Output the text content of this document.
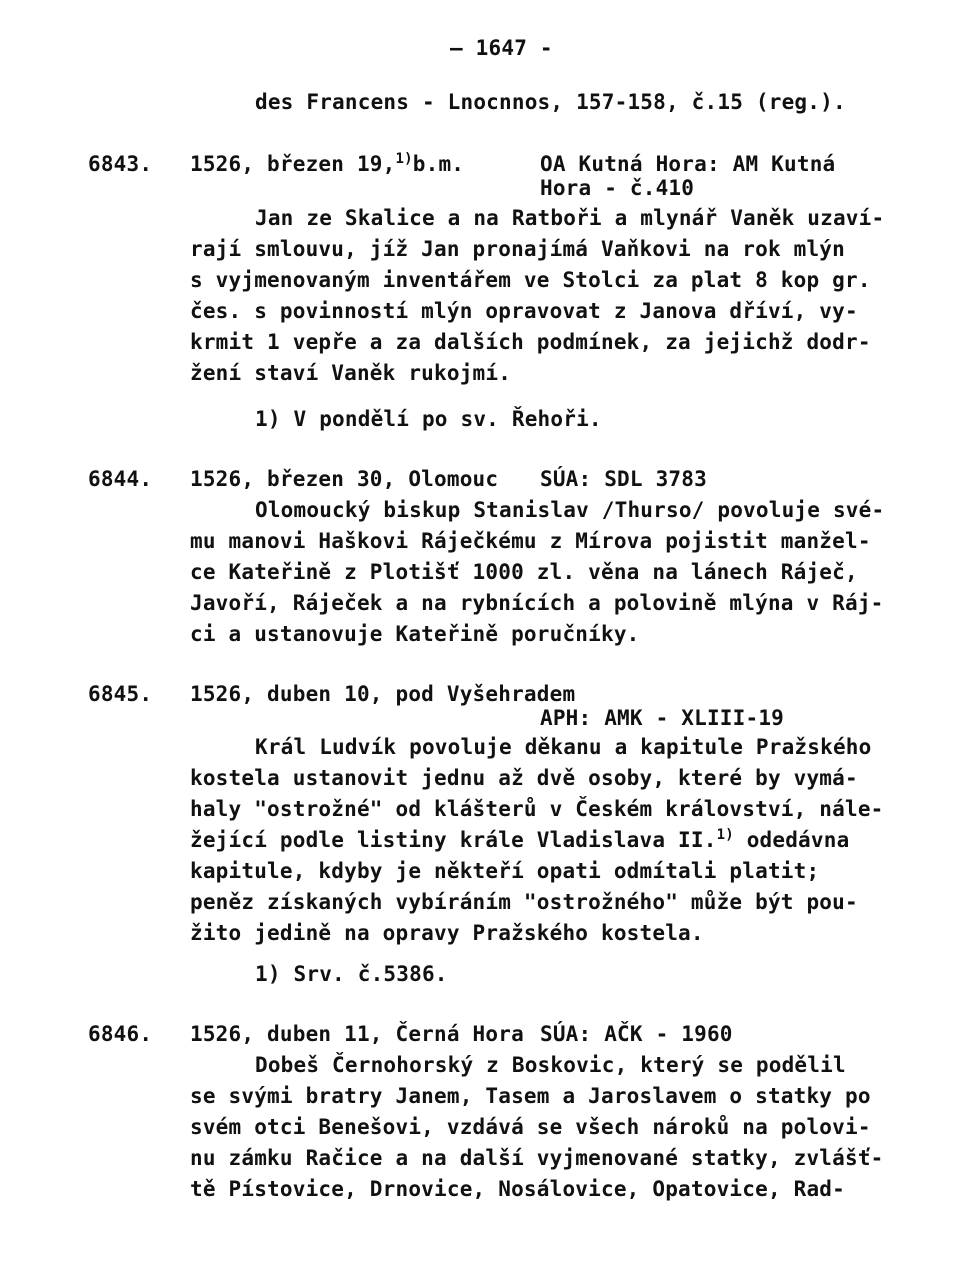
— 1647 -
des Francens - Lnocnnos, 157-158, č.15 (reg.).
6843. 1526, březen 19,$^{1)}$b.m.	OA Kutná Hora: AM Kutná
Hora - č.410
Jan ze Skalice a na Ratboři a mlynář Vaněk uzaví-
rají smlouvu, jíž Jan pronajímá Vaňkovi na rok mlýn
s vyjmenovaným inventářem ve Stolci za plat 8 kop gr.
čes. s povinností mlýn opravovat z Janova dříví, vy-
krmit 1 vepře a za dalších podmínek, za jejichž dodr-
žení staví Vaněk rukojmí.
1) V pondělí po sv. Řehoři.
6844. 1526, březen 30, Olomouc SÚA: SDL 3783
Olomoucký biskup Stanislav /Thurso/ povoluje své-
mu manovi Haškovi Ráječkému z Mírova pojistit manžel-
ce Kateřině z Plotišť 1000 zl. věna na lánech Ráječ,
Javoří, Ráječek a na rybnících a polovině mlýna v Ráj-
ci a ustanovuje Kateřině poručníky.
6845. 1526, duben 10, pod Vyšehradem
APH: AMK - XLIII-19
Král Ludvík povoluje děkanu a kapitule Pražského
kostela ustanovit jednu až dvě osoby, které by vymá-
haly "ostrožné" od klášterů v Českém království, nále-
žející podle listiny krále Vladislava II.$^{1)}$ odedávna
kapitule, kdyby je někteří opati odmítali platit;
peněz získaných vybíráním "ostrožného" může být pou-
žito jedině na opravy Pražského kostela.
1) Srv. č.5386.
6846. 1526, duben 11, Černá Hora SÚA: AČK - 1960
Dobeš Černohorský z Boskovic, který se podělil
se svými bratry Janem, Tasem a Jaroslavem o statky po
svém otci Benešovi, vzdává se všech nároků na polovi-
nu zámku Račice a na další vyjmenované statky, zvlášť-
tě Pístovice, Drnovice, Nosálovice, Opatovice, Rad-
